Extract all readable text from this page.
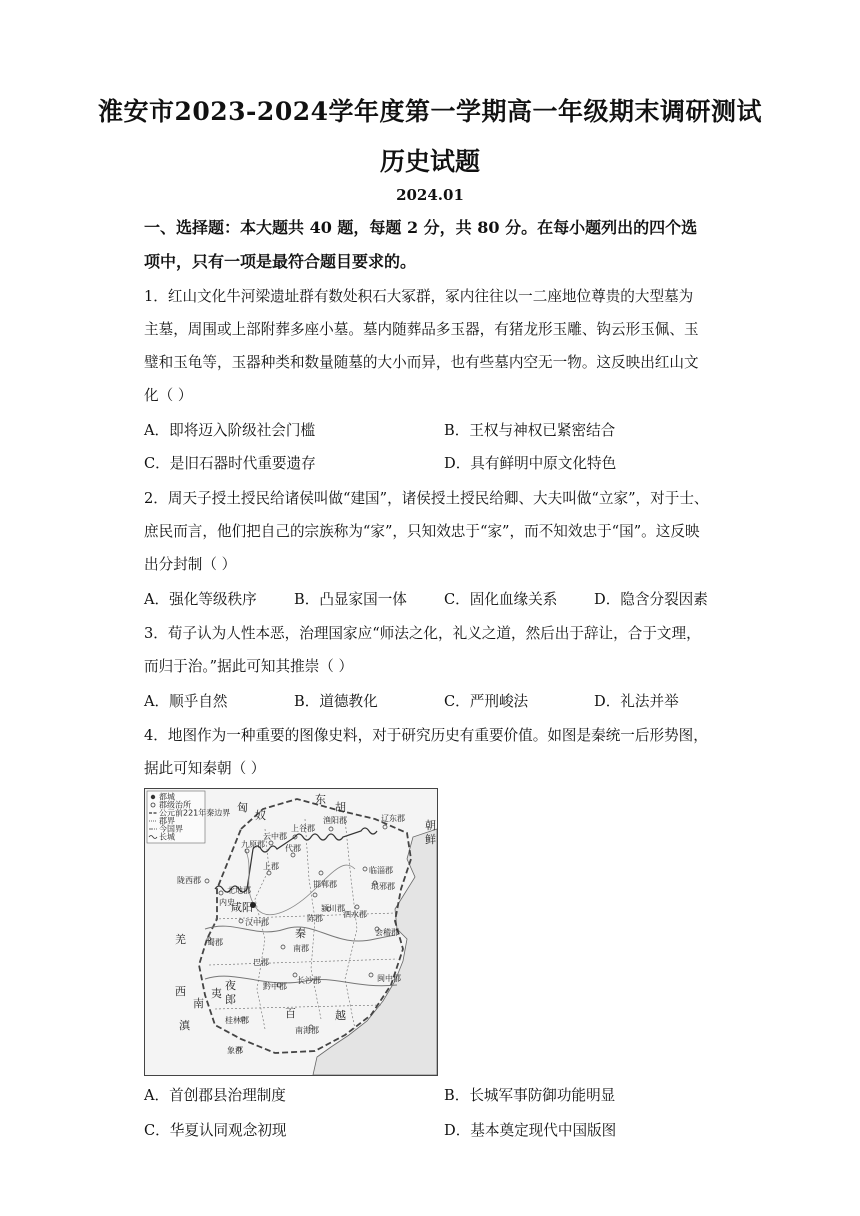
淮安市2023-2024学年度第一学期高一年级期末调研测试
历史试题
2024.01
一、选择题：本大题共 40 题，每题 2 分，共 80 分。在每小题列出的四个选
项中，只有一项是最符合题目要求的。
1．红山文化牛河梁遗址群有数处积石大冢群，冢内往往以一二座地位尊贵的大型墓为
主墓，周围或上部附葬多座小墓。墓内随葬品多玉器，有猪龙形玉雕、钩云形玉佩、玉
璧和玉龟等，玉器种类和数量随墓的大小而异，也有些墓内空无一物。这反映出红山文
化（ ）
A．即将迈入阶级社会门槛	B．王权与神权已紧密结合
C．是旧石器时代重要遗存	D．具有鲜明中原文化特色
2．周天子授土授民给诸侯叫做“建国”，诸侯授土授民给卿、大夫叫做“立家”，对于士、
庶民而言，他们把自己的宗族称为“家”，只知效忠于“家”，而不知效忠于“国”。这反映
出分封制（ ）
A．强化等级秩序	B．凸显家国一体	C．固化血缘关系	D．隐含分裂因素
3．荀子认为人性本恶，治理国家应“师法之化，礼义之道，然后出于辞让，合于文理，
而归于治。”据此可知其推崇（ ）
A．顺乎自然	B．道德教化	C．严刑峻法	D．礼法并举
4．地图作为一种重要的图像史料，对于研究历史有重要价值。如图是秦统一后形势图，
据此可知秦朝（ ）
都城
郡级治所
公元前221年秦边界
郡界
今国界
长城
匈
奴
东
胡
辽东郡
朝
鲜
渔阳郡
上谷郡
代郡
云中郡
九原郡
上郡
陇西郡
北地郡
咸阳
内史
汉中郡
邯郸郡
临淄郡
琅邪郡
颍川郡
陈郡	泗水郡
会稽郡
秦
南郡
蜀郡
巴郡
长沙郡
黔中郡
闽中郡
羌
西
南
夷
夜
郎
滇	桂林郡
象郡
南海郡
百	越
A．首创郡县治理制度	B．长城军事防御功能明显
C．华夏认同观念初现	D．基本奠定现代中国版图
